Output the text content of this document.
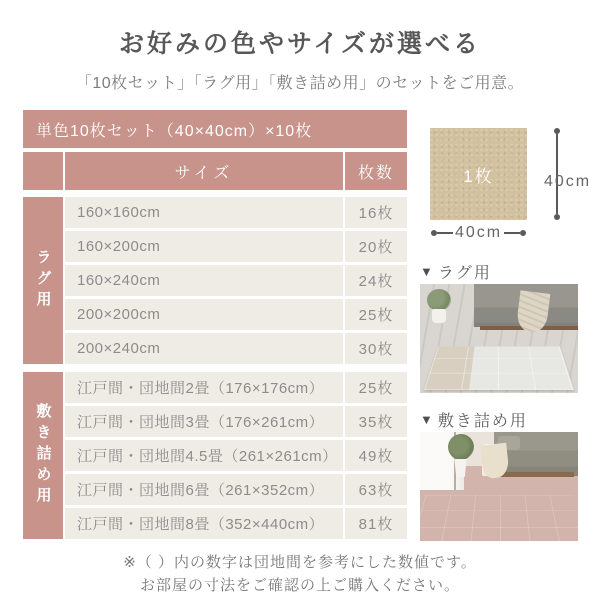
お好みの色やサイズが選べる
「10枚セット」「ラグ用」「敷き詰め用」のセットをご用意。
単色10枚セット（40×40cm）×10枚
サイズ	枚数
ラグ用
160×160cm	16枚
160×200cm	20枚
160×240cm	24枚
200×200cm	25枚
200×240cm	30枚
敷き詰め用
江戸間・団地間2畳（176×176cm）	25枚
江戸間・団地間3畳（176×261cm）	35枚
江戸間・団地間4.5畳（261×261cm）	49枚
江戸間・団地間6畳（261×352cm）	63枚
江戸間・団地間8畳（352×440cm）	81枚
1枚	40cm
40cm
▼ ラグ用
▼ 敷き詰め用
※（ ）内の数字は団地間を参考にした数値です。
お部屋の寸法をご確認の上ご購入ください。
